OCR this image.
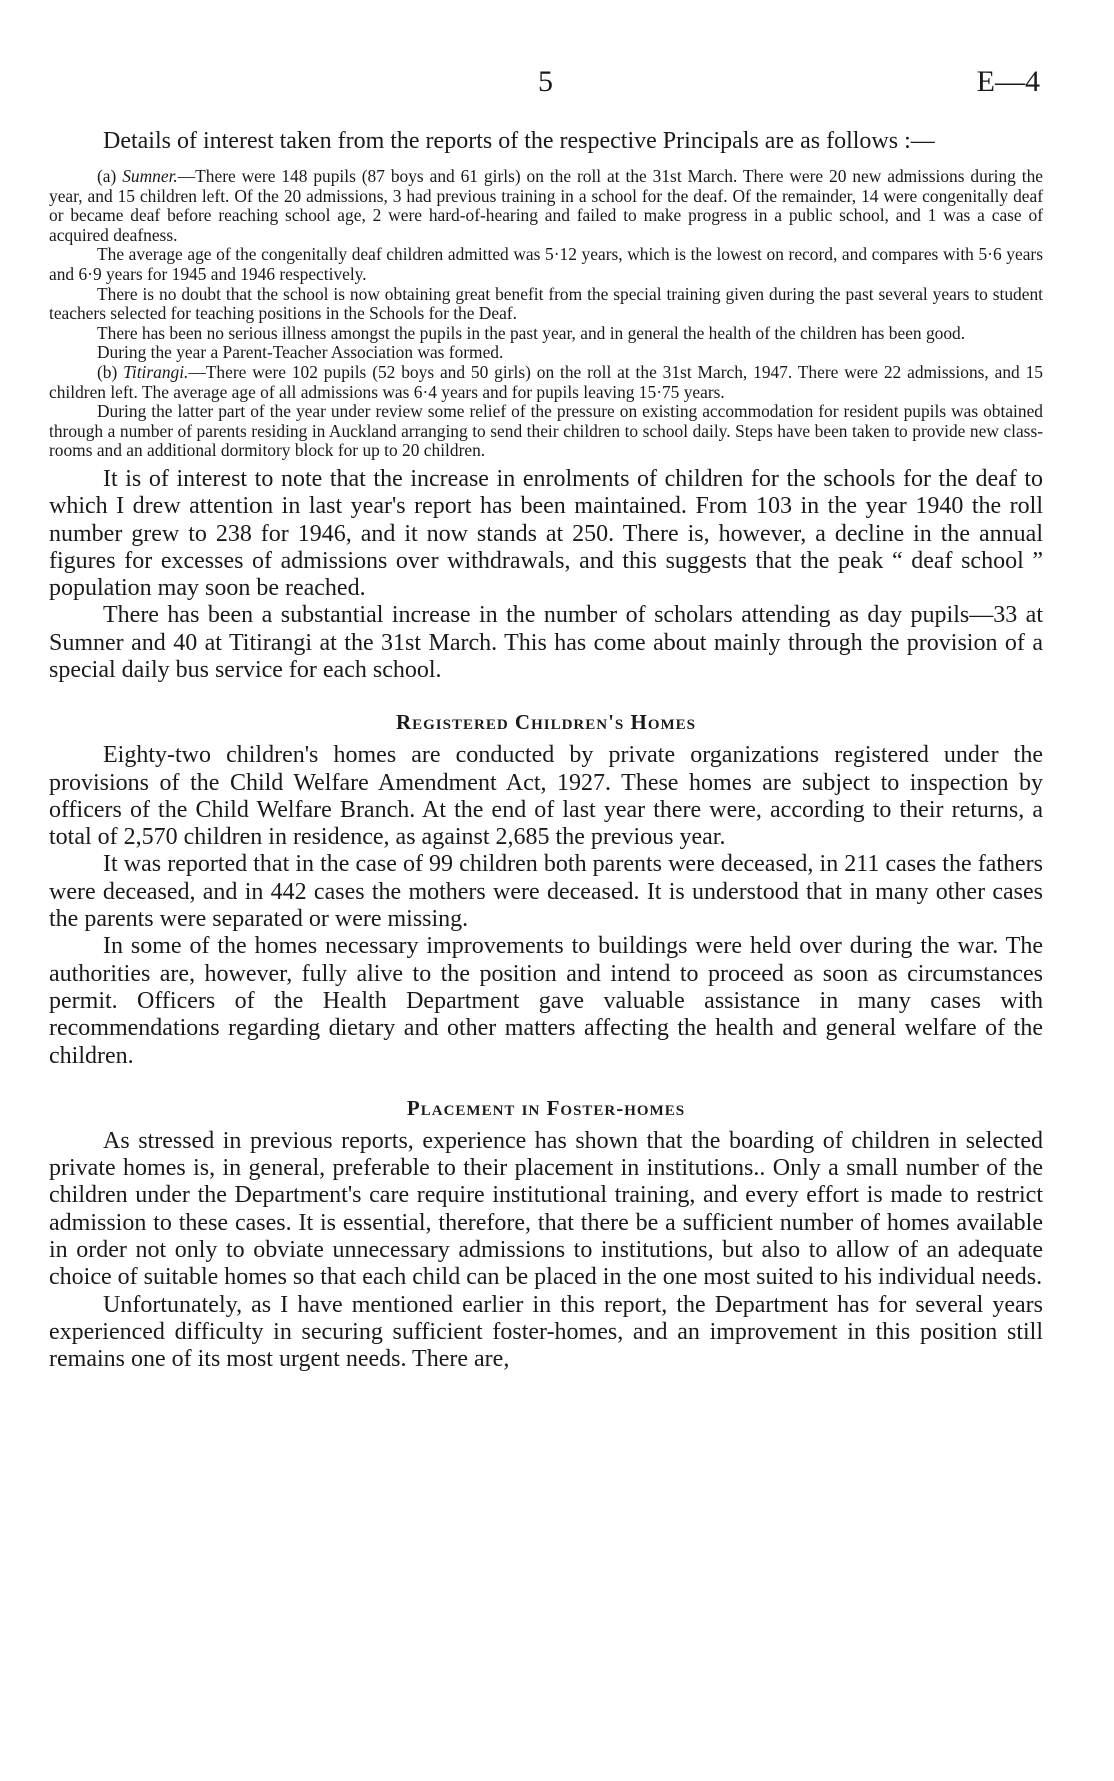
5	E—4

Details of interest taken from the reports of the respective Principals are as follows :—

(a) Sumner.—There were 148 pupils (87 boys and 61 girls) on the roll at the 31st March. There were 20 new admissions during the year, and 15 children left. Of the 20 admissions, 3 had previous training in a school for the deaf. Of the remainder, 14 were congenitally deaf or became deaf before reaching school age, 2 were hard-of-hearing and failed to make progress in a public school, and 1 was a case of acquired deafness.

The average age of the congenitally deaf children admitted was 5·12 years, which is the lowest on record, and compares with 5·6 years and 6·9 years for 1945 and 1946 respectively.

There is no doubt that the school is now obtaining great benefit from the special training given during the past several years to student teachers selected for teaching positions in the Schools for the Deaf.

There has been no serious illness amongst the pupils in the past year, and in general the health of the children has been good.

During the year a Parent-Teacher Association was formed.

(b) Titirangi.—There were 102 pupils (52 boys and 50 girls) on the roll at the 31st March, 1947. There were 22 admissions, and 15 children left. The average age of all admissions was 6·4 years and for pupils leaving 15·75 years.

During the latter part of the year under review some relief of the pressure on existing accommodation for resident pupils was obtained through a number of parents residing in Auckland arranging to send their children to school daily. Steps have been taken to provide new class-rooms and an additional dormitory block for up to 20 children.

It is of interest to note that the increase in enrolments of children for the schools for the deaf to which I drew attention in last year's report has been maintained. From 103 in the year 1940 the roll number grew to 238 for 1946, and it now stands at 250. There is, however, a decline in the annual figures for excesses of admissions over withdrawals, and this suggests that the peak “ deaf school ” population may soon be reached.

There has been a substantial increase in the number of scholars attending as day pupils—33 at Sumner and 40 at Titirangi at the 31st March. This has come about mainly through the provision of a special daily bus service for each school.

Registered Children's Homes

Eighty-two children's homes are conducted by private organizations registered under the provisions of the Child Welfare Amendment Act, 1927. These homes are subject to inspection by officers of the Child Welfare Branch. At the end of last year there were, according to their returns, a total of 2,570 children in residence, as against 2,685 the previous year.

It was reported that in the case of 99 children both parents were deceased, in 211 cases the fathers were deceased, and in 442 cases the mothers were deceased. It is understood that in many other cases the parents were separated or were missing.

In some of the homes necessary improvements to buildings were held over during the war. The authorities are, however, fully alive to the position and intend to proceed as soon as circumstances permit. Officers of the Health Department gave valuable assistance in many cases with recommendations regarding dietary and other matters affecting the health and general welfare of the children.

Placement in Foster-homes

As stressed in previous reports, experience has shown that the boarding of children in selected private homes is, in general, preferable to their placement in institutions.. Only a small number of the children under the Department's care require institutional training, and every effort is made to restrict admission to these cases. It is essential, therefore, that there be a sufficient number of homes available in order not only to obviate unnecessary admissions to institutions, but also to allow of an adequate choice of suitable homes so that each child can be placed in the one most suited to his individual needs.

Unfortunately, as I have mentioned earlier in this report, the Department has for several years experienced difficulty in securing sufficient foster-homes, and an improvement in this position still remains one of its most urgent needs. There are,
